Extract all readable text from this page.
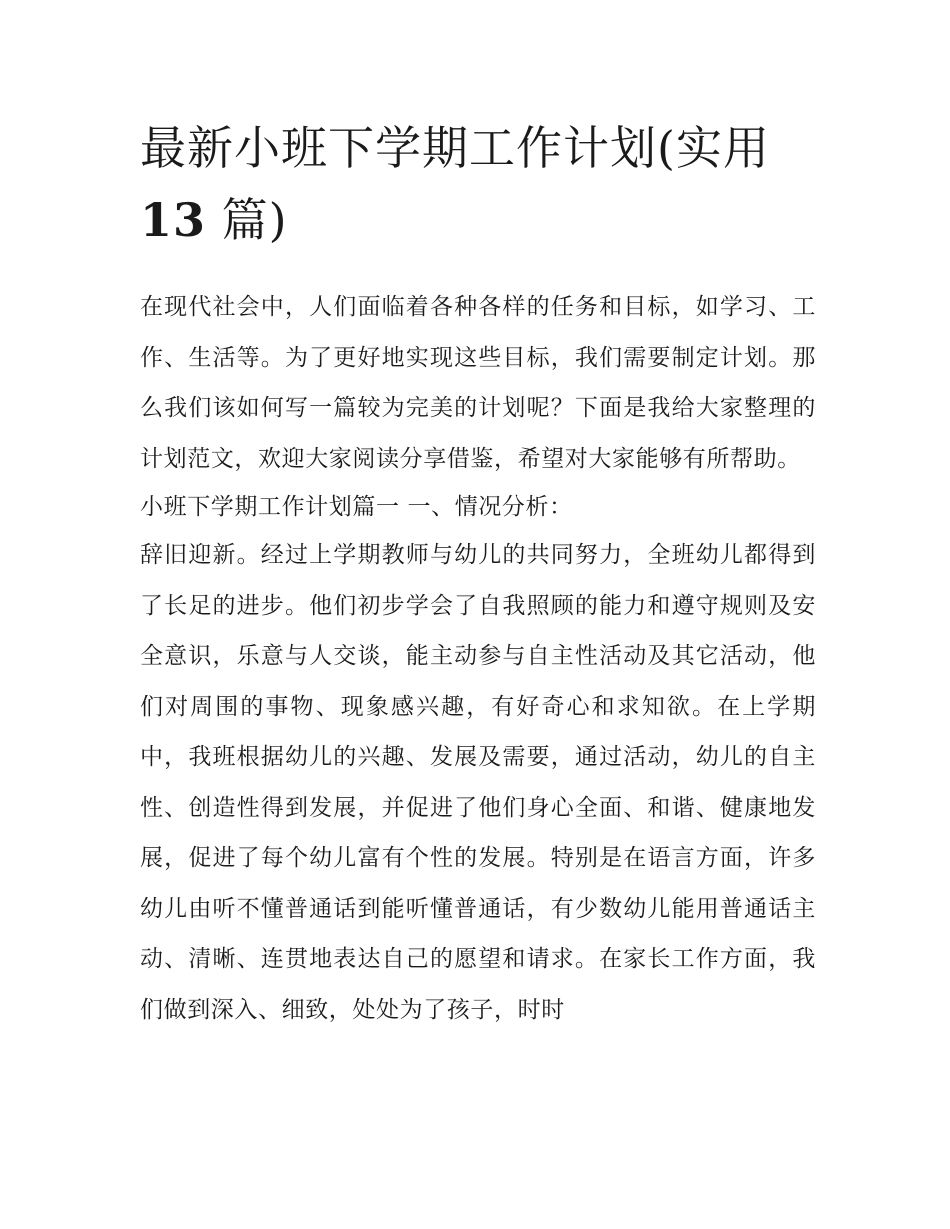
最新小班下学期工作计划(实用
13 篇)

在现代社会中，人们面临着各种各样的任务和目标，如学习、工作、生活等。为了更好地实现这些目标，我们需要制定计划。那么我们该如何写一篇较为完美的计划呢？下面是我给大家整理的计划范文，欢迎大家阅读分享借鉴，希望对大家能够有所帮助。

小班下学期工作计划篇一 一、情况分析：

辞旧迎新。经过上学期教师与幼儿的共同努力，全班幼儿都得到了长足的进步。他们初步学会了自我照顾的能力和遵守规则及安全意识，乐意与人交谈，能主动参与自主性活动及其它活动，他们对周围的事物、现象感兴趣，有好奇心和求知欲。在上学期中，我班根据幼儿的兴趣、发展及需要，通过活动，幼儿的自主性、创造性得到发展，并促进了他们身心全面、和谐、健康地发展，促进了每个幼儿富有个性的发展。特别是在语言方面，许多幼儿由听不懂普通话到能听懂普通话，有少数幼儿能用普通话主动、清晰、连贯地表达自己的愿望和请求。在家长工作方面，我们做到深入、细致，处处为了孩子，时时
